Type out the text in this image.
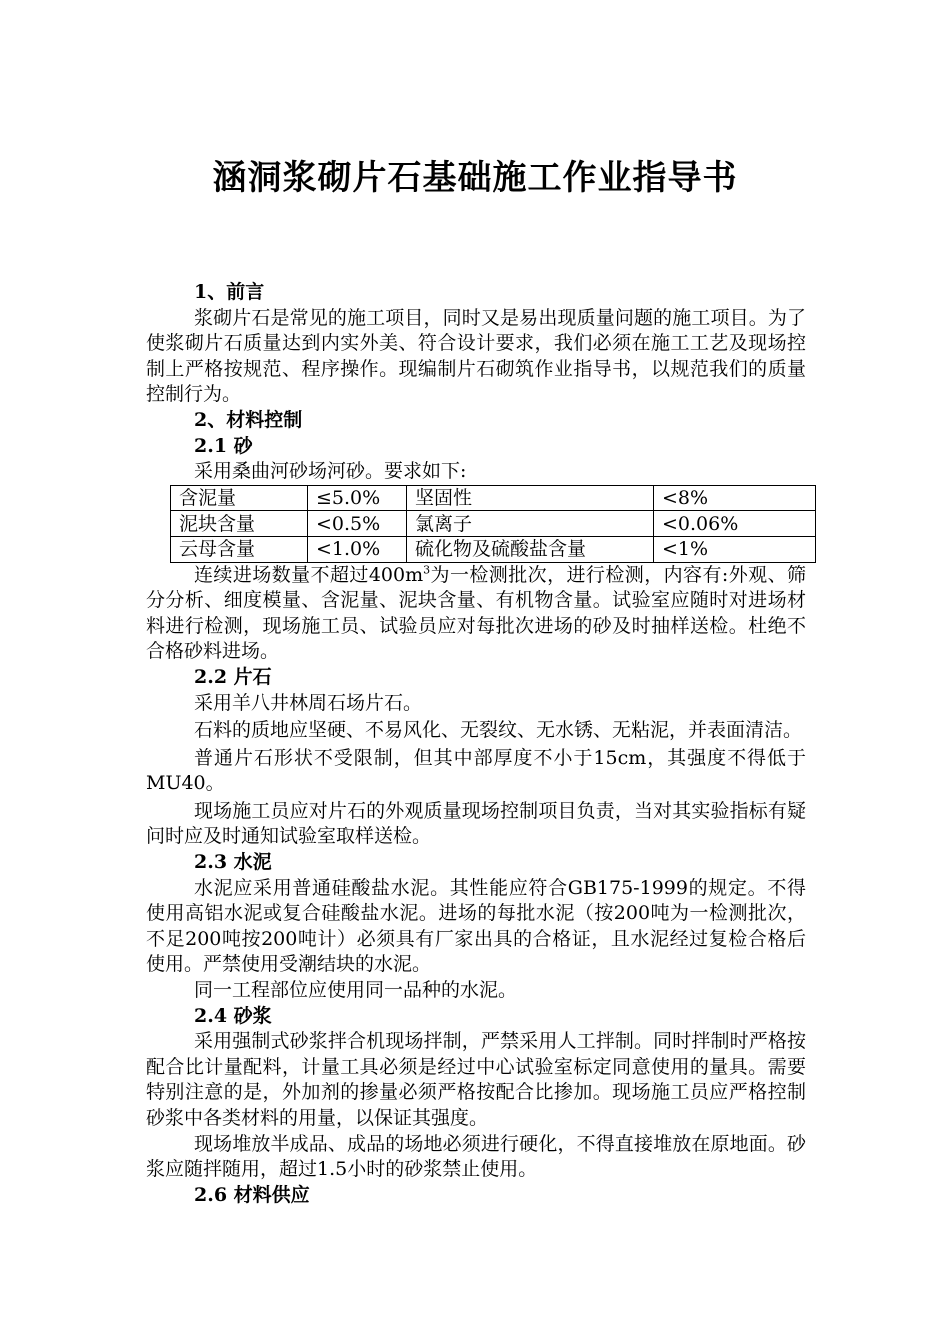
涵洞浆砌片石基础施工作业指导书
1、前言

浆砌片石是常见的施工项目，同时又是易出现质量问题的施工项目。为了使浆砌片石质量达到内实外美、符合设计要求，我们必须在施工工艺及现场控制上严格按规范、程序操作。现编制片石砌筑作业指导书，以规范我们的质量控制行为。

2、材料控制
2.1 砂

采用桑曲河砂场河砂。要求如下:

含泥量	≤5.0%	坚固性	<8%
泥块含量	<0.5%	氯离子	<0.06%
云母含量	<1.0%	硫化物及硫酸盐含量	<1%

连续进场数量不超过$400m^3$为一检测批次，进行检测，内容有:外观、筛分分析、细度模量、含泥量、泥块含量、有机物含量。试验室应随时对进场材料进行检测，现场施工员、试验员应对每批次进场的砂及时抽样送检。杜绝不合格砂料进场。

2.2 片石

采用羊八井林周石场片石。

石料的质地应坚硬、不易风化、无裂纹、无水锈、无粘泥，并表面清洁。

普通片石形状不受限制，但其中部厚度不小于15cm，其强度不得低于MU40。

现场施工员应对片石的外观质量现场控制项目负责，当对其实验指标有疑问时应及时通知试验室取样送检。

2.3 水泥

水泥应采用普通硅酸盐水泥。其性能应符合GB175-1999的规定。不得使用高铝水泥或复合硅酸盐水泥。进场的每批水泥（按200吨为一检测批次，不足200吨按200吨计）必须具有厂家出具的合格证，且水泥经过复检合格后使用。严禁使用受潮结块的水泥。

同一工程部位应使用同一品种的水泥。

2.4 砂浆

采用强制式砂浆拌合机现场拌制，严禁采用人工拌制。同时拌制时严格按配合比计量配料，计量工具必须是经过中心试验室标定同意使用的量具。需要特别注意的是，外加剂的掺量必须严格按配合比掺加。现场施工员应严格控制砂浆中各类材料的用量，以保证其强度。

现场堆放半成品、成品的场地必须进行硬化，不得直接堆放在原地面。砂浆应随拌随用，超过1.5小时的砂浆禁止使用。

2.6 材料供应
